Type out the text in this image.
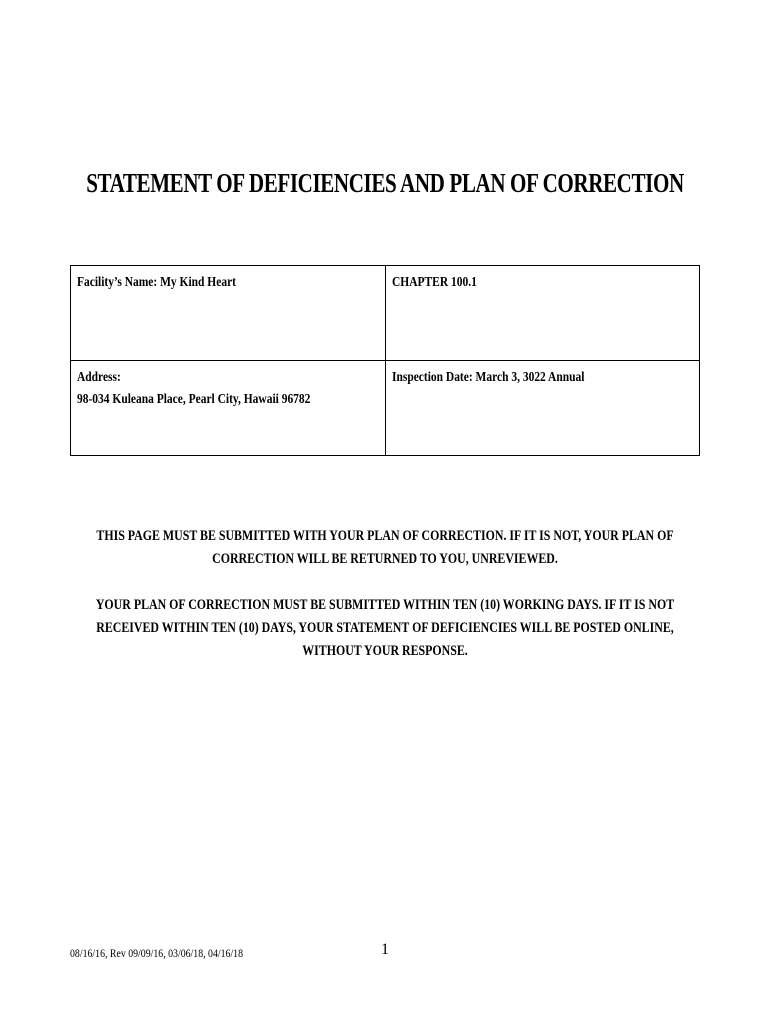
STATEMENT OF DEFICIENCIES AND PLAN OF CORRECTION
Facility’s Name: My Kind Heart	CHAPTER 100.1
Address:
98-034 Kuleana Place, Pearl City, Hawaii 96782	Inspection Date: March 3, 3022 Annual
THIS PAGE MUST BE SUBMITTED WITH YOUR PLAN OF CORRECTION. IF IT IS NOT, YOUR PLAN OF
CORRECTION WILL BE RETURNED TO YOU, UNREVIEWED.
YOUR PLAN OF CORRECTION MUST BE SUBMITTED WITHIN TEN (10) WORKING DAYS. IF IT IS NOT
RECEIVED WITHIN TEN (10) DAYS, YOUR STATEMENT OF DEFICIENCIES WILL BE POSTED ONLINE,
WITHOUT YOUR RESPONSE.
08/16/16, Rev 09/09/16, 03/06/18, 04/16/18	1
